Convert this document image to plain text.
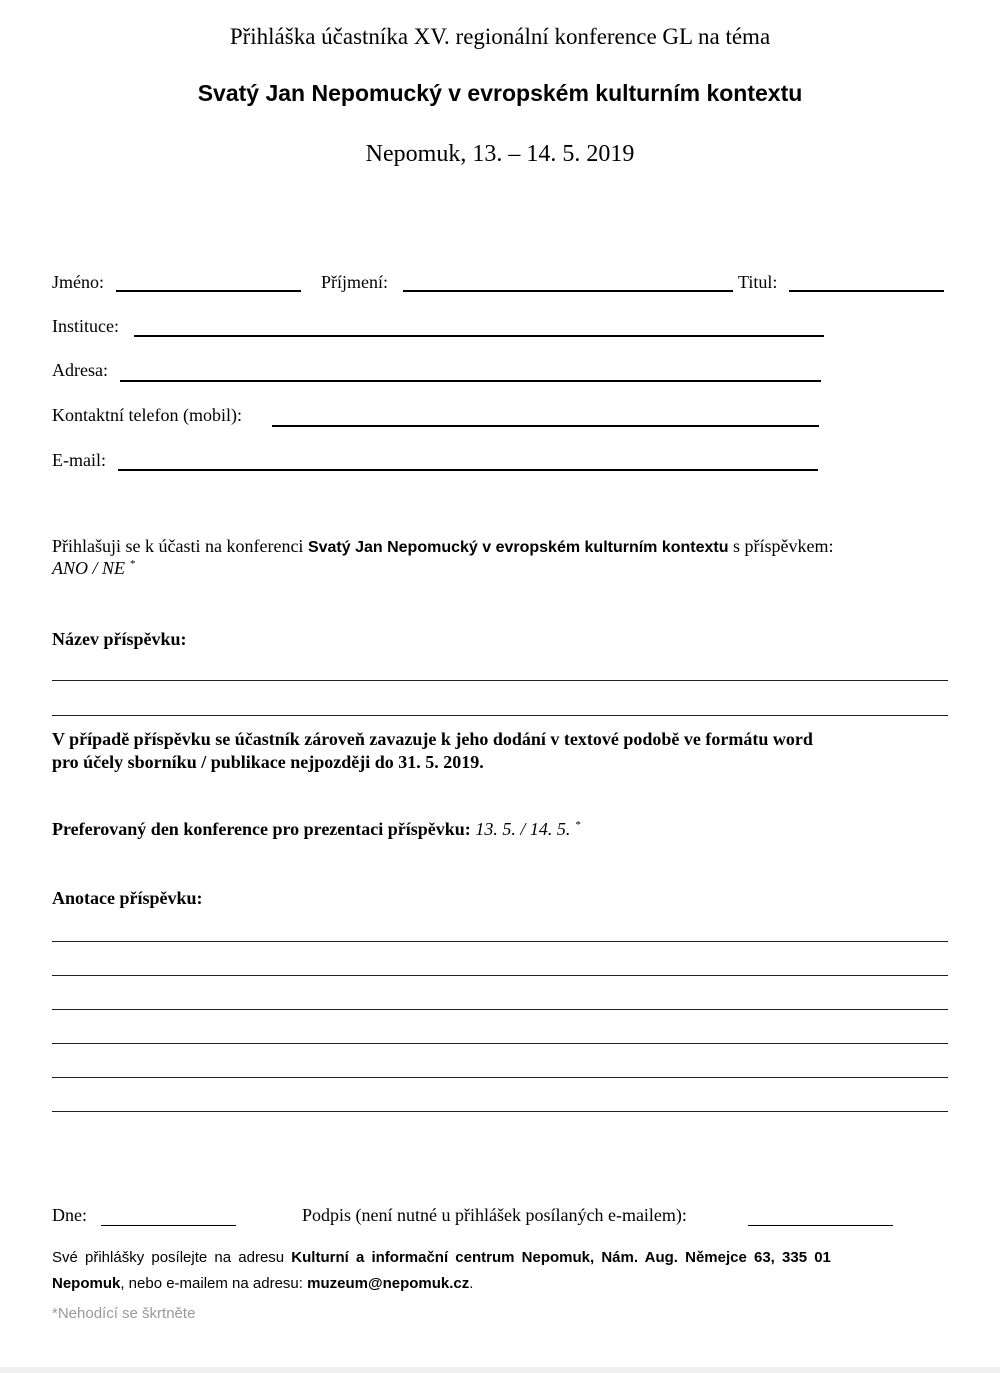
Přihláška účastníka XV. regionální konference GL na téma
Svatý Jan Nepomucký v evropském kulturním kontextu
Nepomuk, 13. – 14. 5. 2019
Jméno:	Příjmení:	Titul:
Instituce:
Adresa:
Kontaktní telefon (mobil):
E-mail:
Přihlašuji se k účasti na konferenci Svatý Jan Nepomucký v evropském kulturním kontextu s příspěvkem:
ANO / NE *
Název příspěvku:
V případě příspěvku se účastník zároveň zavazuje k jeho dodání v textové podobě ve formátu word
pro účely sborníku / publikace nejpozději do 31. 5. 2019.
Preferovaný den konference pro prezentaci příspěvku: 13. 5. / 14. 5. *
Anotace příspěvku:
Dne:	Podpis (není nutné u přihlášek posílaných e-mailem):
Své přihlášky posílejte na adresu Kulturní a informační centrum Nepomuk, Nám. Aug. Němejce 63, 335 01
Nepomuk, nebo e-mailem na adresu: muzeum@nepomuk.cz.
*Nehodící se škrtněte
